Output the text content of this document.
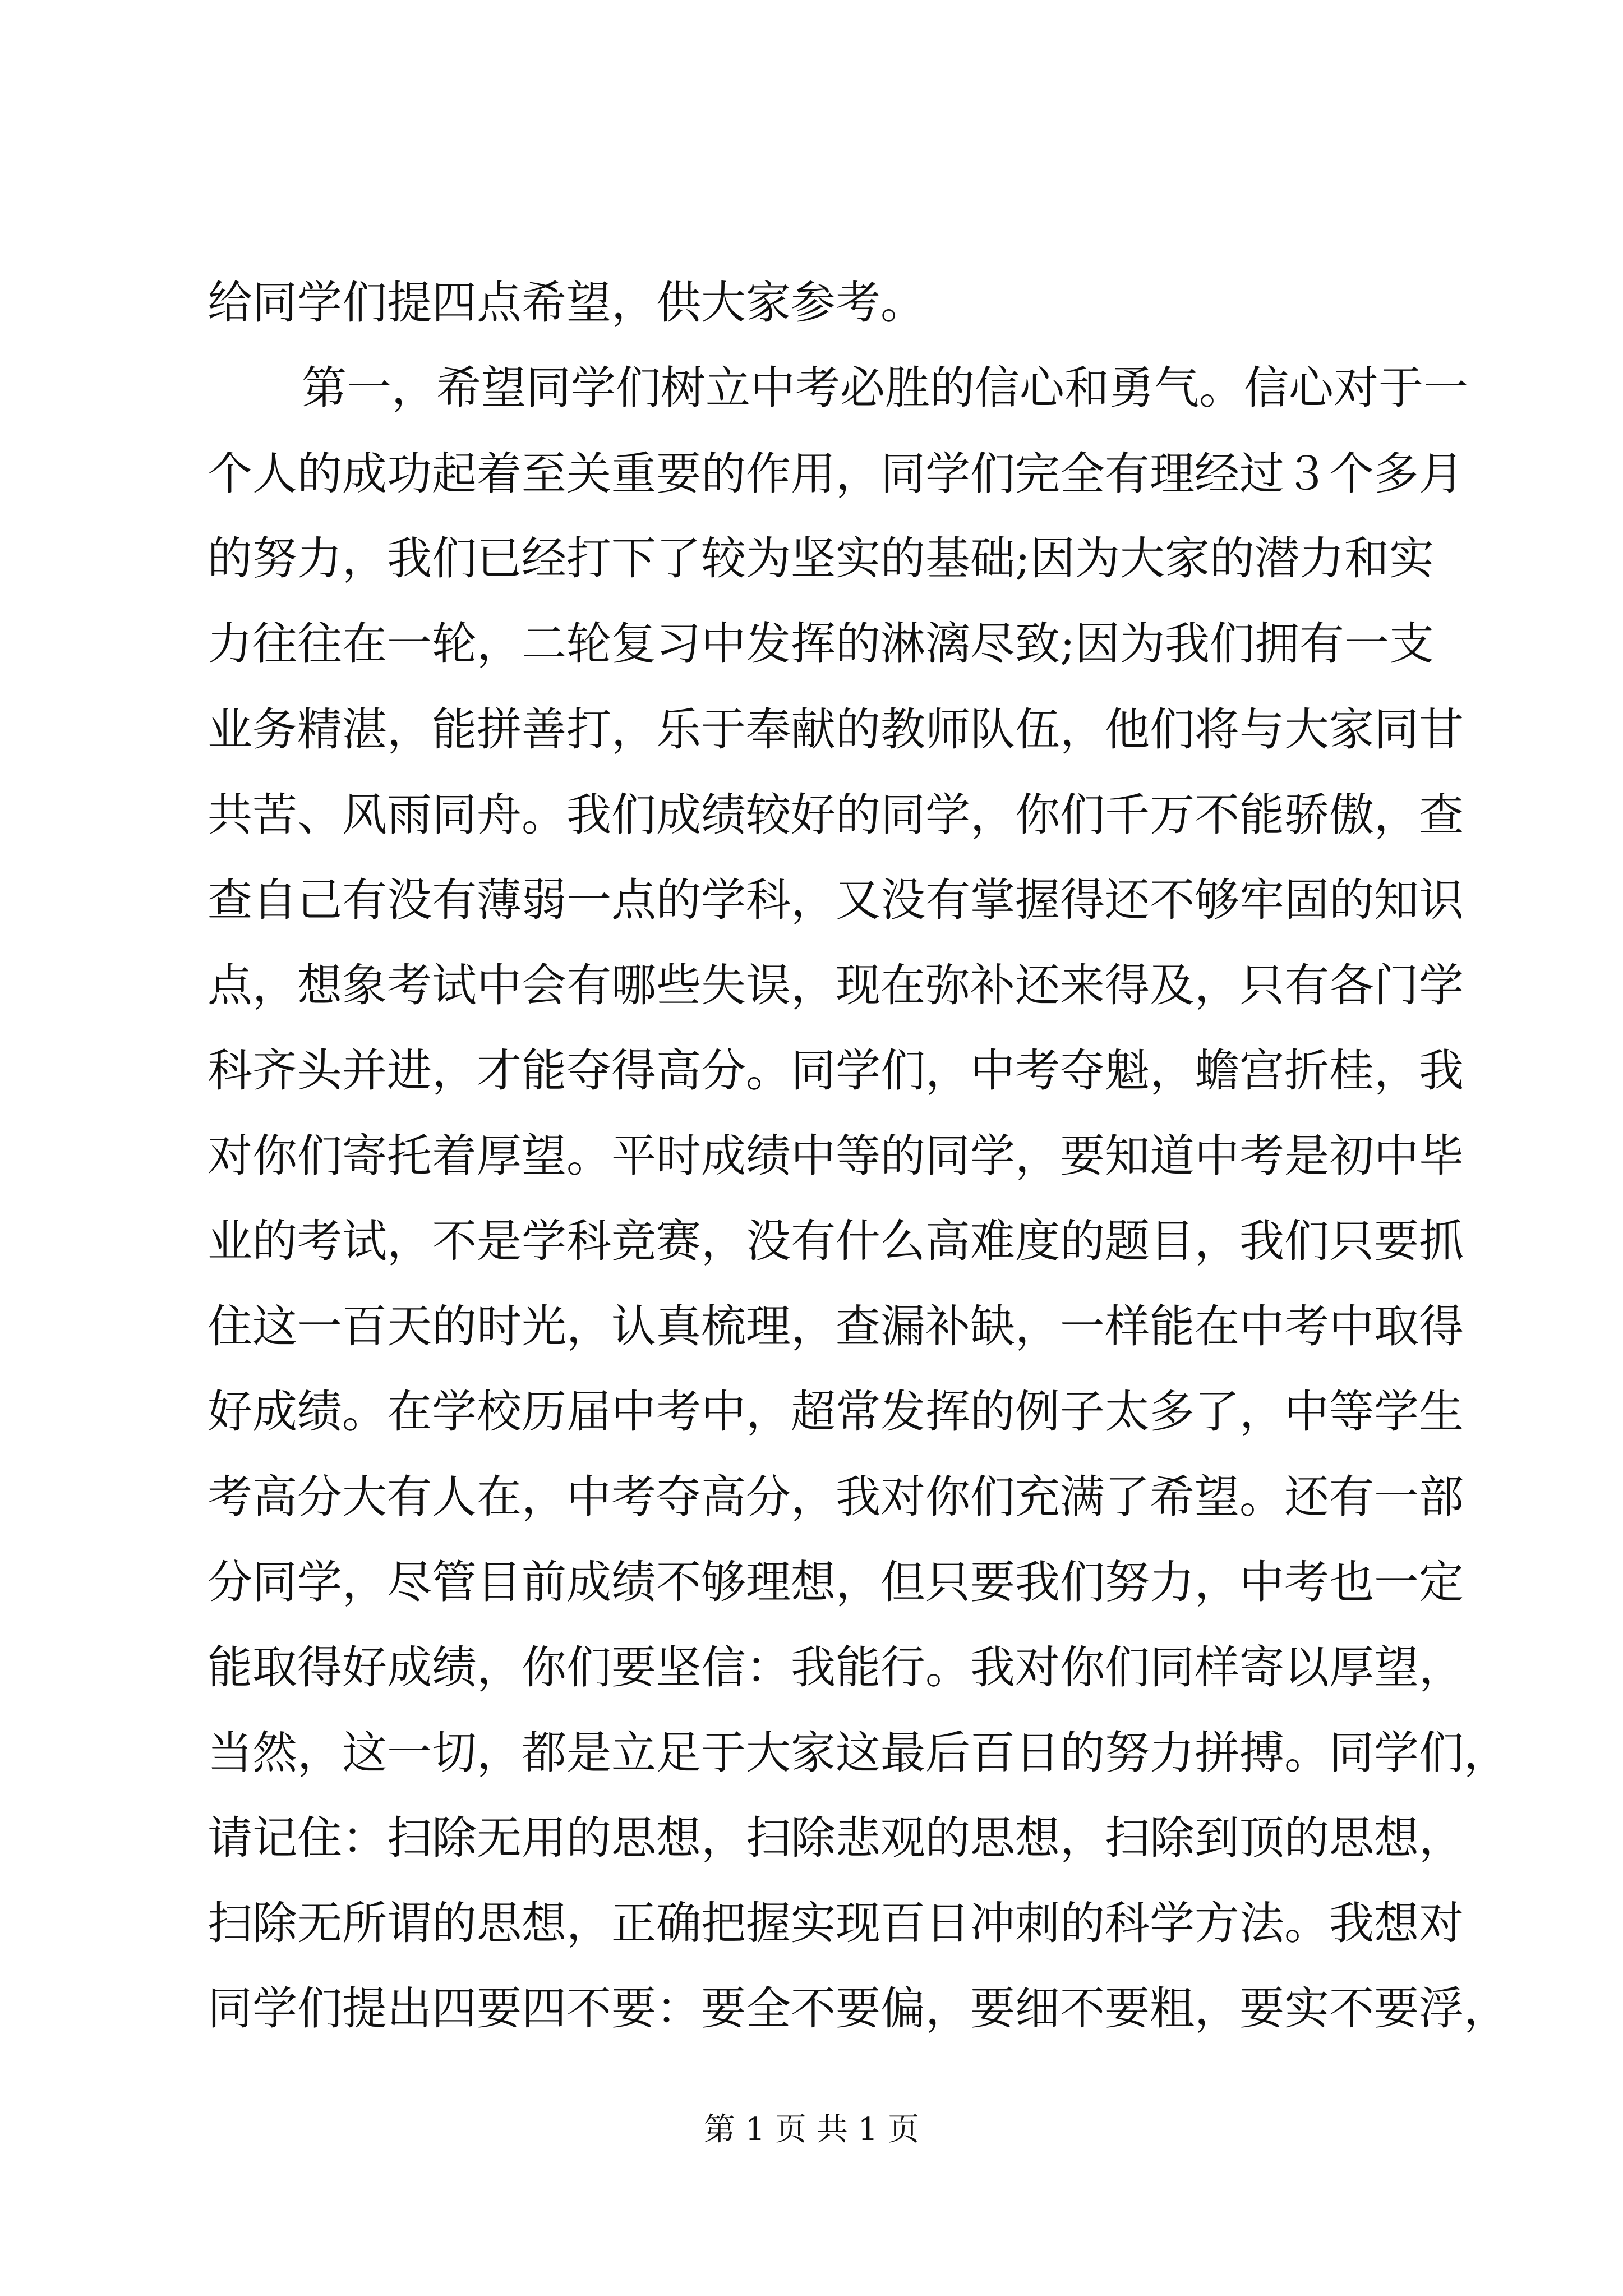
给同学们提四点希望，供大家参考。
第一，希望同学们树立中考必胜的信心和勇气。信心对于一
个人的成功起着至关重要的作用，同学们完全有理经过３个多月
的努力，我们已经打下了较为坚实的基础;因为大家的潜力和实
力往往在一轮，二轮复习中发挥的淋漓尽致;因为我们拥有一支
业务精湛，能拼善打，乐于奉献的教师队伍，他们将与大家同甘
共苦、风雨同舟。我们成绩较好的同学，你们千万不能骄傲，查
查自己有没有薄弱一点的学科，又没有掌握得还不够牢固的知识
点，想象考试中会有哪些失误，现在弥补还来得及，只有各门学
科齐头并进，才能夺得高分。同学们，中考夺魁，蟾宫折桂，我
对你们寄托着厚望。平时成绩中等的同学，要知道中考是初中毕
业的考试，不是学科竞赛，没有什么高难度的题目，我们只要抓
住这一百天的时光，认真梳理，查漏补缺，一样能在中考中取得
好成绩。在学校历届中考中，超常发挥的例子太多了，中等学生
考高分大有人在，中考夺高分，我对你们充满了希望。还有一部
分同学，尽管目前成绩不够理想，但只要我们努力，中考也一定
能取得好成绩，你们要坚信：我能行。我对你们同样寄以厚望，
当然，这一切，都是立足于大家这最后百日的努力拼搏。同学们，
请记住：扫除无用的思想，扫除悲观的思想，扫除到顶的思想，
扫除无所谓的思想，正确把握实现百日冲刺的科学方法。我想对
同学们提出四要四不要：要全不要偏，要细不要粗，要实不要浮，
第 1 页 共 1 页
